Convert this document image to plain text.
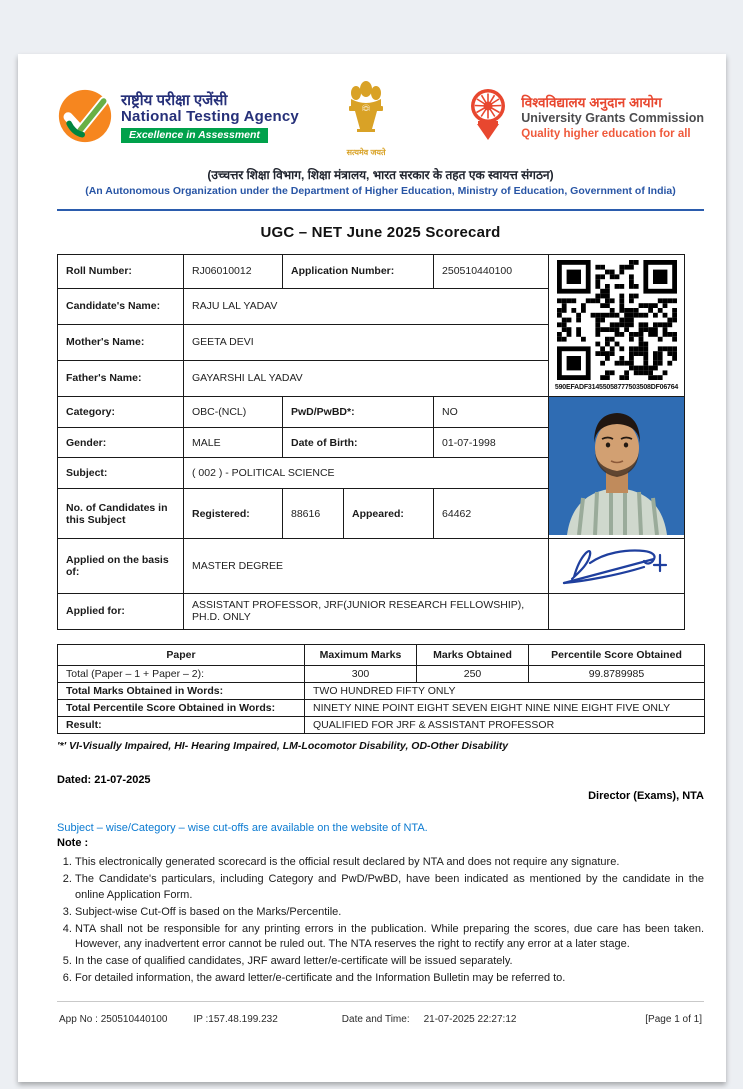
राष्ट्रीय परीक्षा एजेंसी
National Testing Agency
Excellence in Assessment
सत्यमेव जयते
विश्वविद्यालय अनुदान आयोग
University Grants Commission
Quality higher education for all
(उच्चत्तर शिक्षा विभाग, शिक्षा मंत्रालय, भारत सरकार के तहत एक स्वायत्त संगठन)
(An Autonomous Organization under the Department of Higher Education, Ministry of Education, Government of India)
UGC – NET June 2025 Scorecard
Roll Number:	RJ06010012	Application Number:		250510440100	590EFADF31455058777503508DF06764

Candidate's Name:	RAJU LAL YADAV				
Mother's Name:	GEETA DEVI				
Father's Name:	GAYARSHI LAL YADAV				
Category:	OBC-(NCL)	PwD/PwBD*:		NO	
Gender:	MALE	Date of Birth:		01-07-1998	
Subject:	( 002 ) - POLITICAL SCIENCE				
No. of Candidates in this Subject	Registered:	88616	Appeared:	64462	
Applied on the basis of:	MASTER DEGREE	
Applied for:	ASSISTANT PROFESSOR, JRF(JUNIOR RESEARCH FELLOWSHIP), PH.D. ONLY				
Paper	Maximum Marks	Marks Obtained	Percentile Score Obtained
Total (Paper – 1 + Paper – 2):	300	250	99.8789985
Total Marks Obtained in Words:	TWO HUNDRED FIFTY ONLY		
Total Percentile Score Obtained in Words:	NINETY NINE POINT EIGHT SEVEN EIGHT NINE NINE EIGHT FIVE ONLY		
Result:	QUALIFIED FOR JRF & ASSISTANT PROFESSOR		
'*' VI-Visually Impaired, HI- Hearing Impaired, LM-Locomotor Disability, OD-Other Disability
Dated: 21-07-2025
Director (Exams), NTA
Subject – wise/Category – wise cut-offs are available on the website of NTA.
Note :
1. This electronically generated scorecard is the official result declared by NTA and does not require any signature.
2. The Candidate's particulars, including Category and PwD/PwBD, have been indicated as mentioned by the candidate in the online Application Form.
3. Subject-wise Cut-Off is based on the Marks/Percentile.
4. NTA shall not be responsible for any printing errors in the publication. While preparing the scores, due care has been taken. However, any inadvertent error cannot be ruled out. The NTA reserves the right to rectify any error at a later stage.
5. In the case of qualified candidates, JRF award letter/e-certificate will be issued separately.
6. For detailed information, the award letter/e-certificate and the Information Bulletin may be referred to.
App No : 250510440100	IP :157.48.199.232	Date and Time: 21-07-2025 22:27:12	[Page 1 of 1]
